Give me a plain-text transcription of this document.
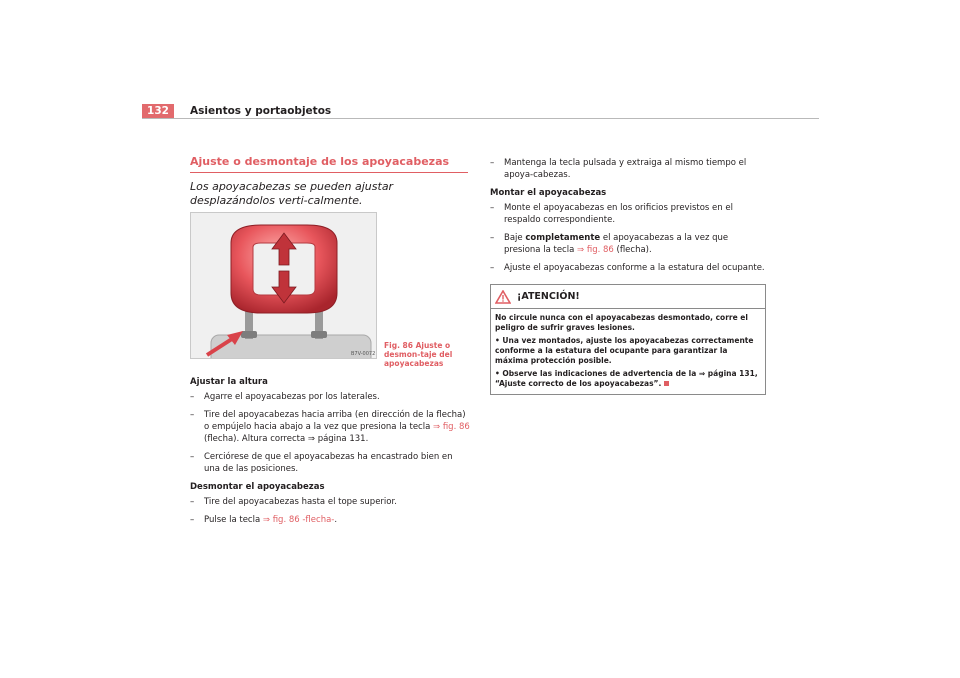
132	Asientos y portaobjetos
Ajuste o desmontaje de los apoyacabezas
Los apoyacabezas se pueden ajustar desplazándolos verti-calmente.
B7V-0072
Fig. 86 Ajuste o desmon-taje del apoyacabezas
Ajustar la altura
– Agarre el apoyacabezas por los laterales.
– Tire del apoyacabezas hacia arriba (en dirección de la flecha) o empújelo hacia abajo a la vez que presiona la tecla ⇒ fig. 86 (flecha). Altura correcta ⇒ página 131.
– Cerciórese de que el apoyacabezas ha encastrado bien en una de las posiciones.
Desmontar el apoyacabezas
– Tire del apoyacabezas hasta el tope superior.
– Pulse la tecla ⇒ fig. 86 -flecha-.
– Mantenga la tecla pulsada y extraiga al mismo tiempo el apoya-cabezas.
Montar el apoyacabezas
– Monte el apoyacabezas en los orificios previstos en el respaldo correspondiente.
– Baje completamente el apoyacabezas a la vez que presiona la tecla ⇒ fig. 86 (flecha).
– Ajuste el apoyacabezas conforme a la estatura del ocupante.
¡ATENCIÓN!

No circule nunca con el apoyacabezas desmontado, corre el peligro de sufrir graves lesiones.

• Una vez montados, ajuste los apoyacabezas correctamente conforme a la estatura del ocupante para garantizar la máxima protección posible.

• Observe las indicaciones de advertencia de la ⇒ página 131, “Ajuste correcto de los apoyacabezas”.
